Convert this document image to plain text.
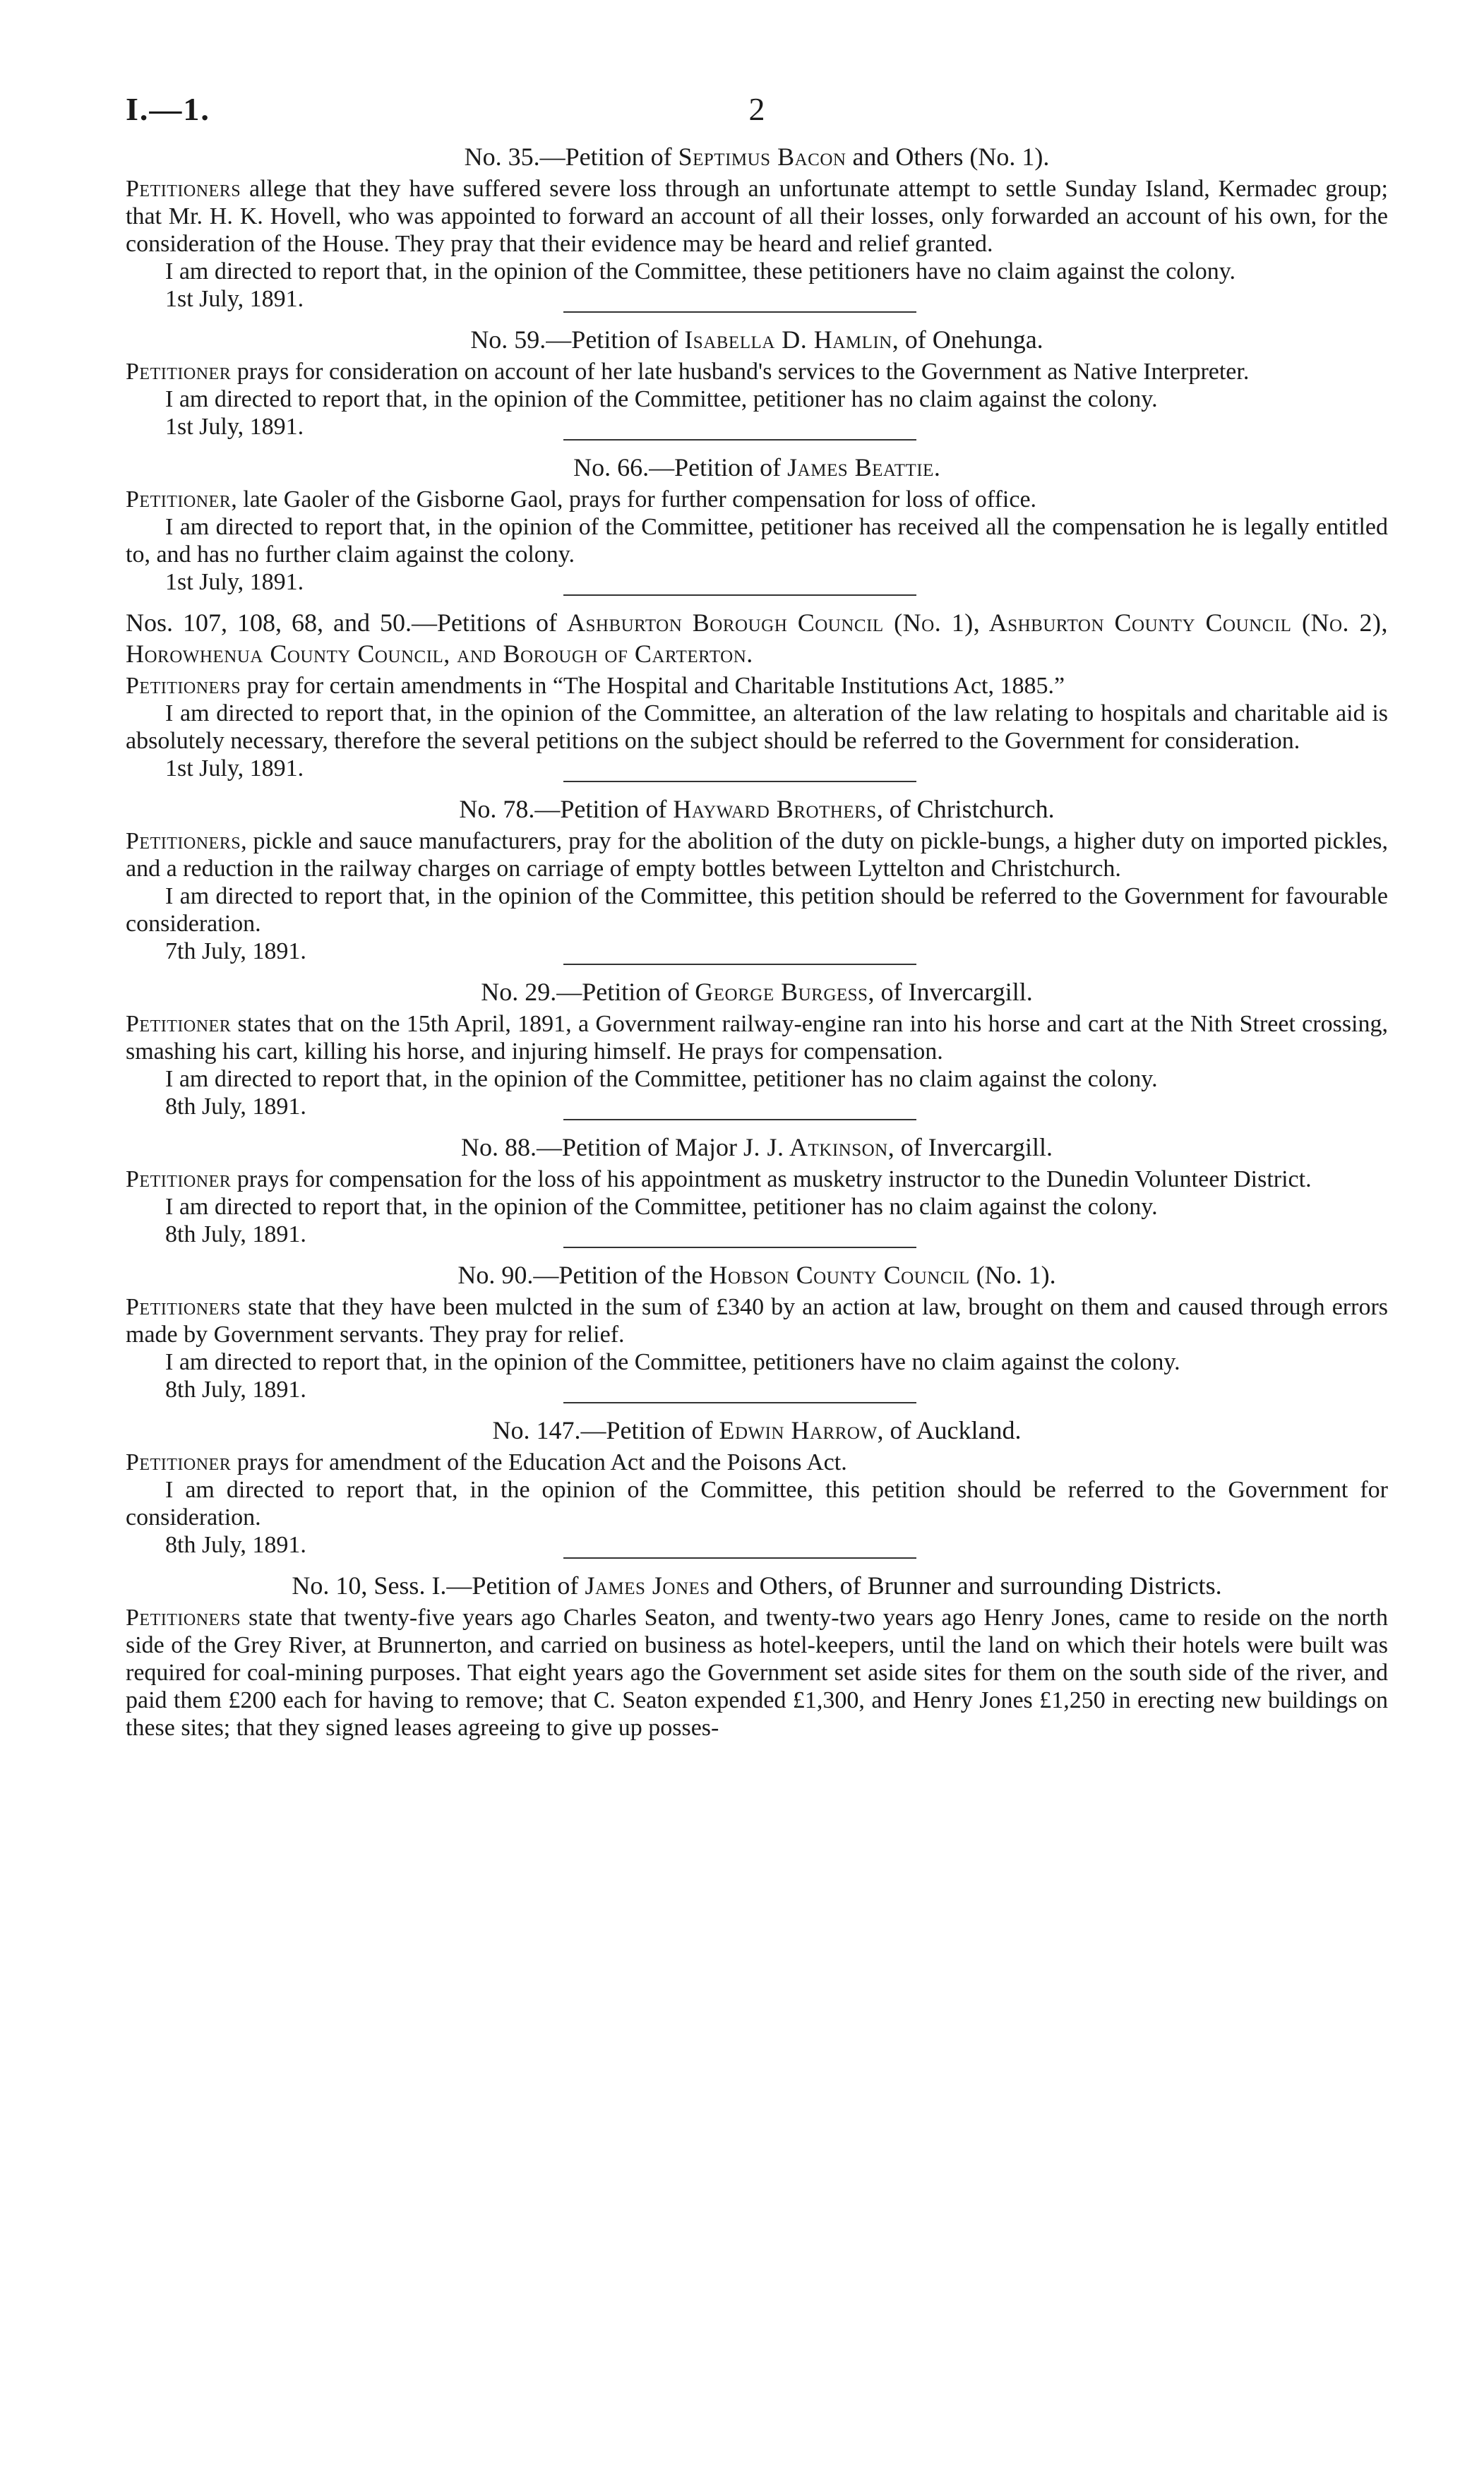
I.—1.	2
No. 35.—Petition of Septimus Bacon and Others (No. 1).

Petitioners allege that they have suffered severe loss through an unfortunate attempt to settle Sunday Island, Kermadec group; that Mr. H. K. Hovell, who was appointed to forward an account of all their losses, only forwarded an account of his own, for the consideration of the House. They pray that their evidence may be heard and relief granted.

I am directed to report that, in the opinion of the Committee, these petitioners have no claim against the colony.

1st July, 1891.

No. 59.—Petition of Isabella D. Hamlin, of Onehunga.

Petitioner prays for consideration on account of her late husband's services to the Government as Native Interpreter.

I am directed to report that, in the opinion of the Committee, petitioner has no claim against the colony.

1st July, 1891.

No. 66.—Petition of James Beattie.

Petitioner, late Gaoler of the Gisborne Gaol, prays for further compensation for loss of office.

I am directed to report that, in the opinion of the Committee, petitioner has received all the compensation he is legally entitled to, and has no further claim against the colony.

1st July, 1891.

Nos. 107, 108, 68, and 50.—Petitions of Ashburton Borough Council (No. 1), Ashburton County Council (No. 2), Horowhenua County Council, and Borough of Carterton.

Petitioners pray for certain amendments in “The Hospital and Charitable Institutions Act, 1885.”

I am directed to report that, in the opinion of the Committee, an alteration of the law relating to hospitals and charitable aid is absolutely necessary, therefore the several petitions on the subject should be referred to the Government for consideration.

1st July, 1891.

No. 78.—Petition of Hayward Brothers, of Christchurch.

Petitioners, pickle and sauce manufacturers, pray for the abolition of the duty on pickle-bungs, a higher duty on imported pickles, and a reduction in the railway charges on carriage of empty bottles between Lyttelton and Christchurch.

I am directed to report that, in the opinion of the Committee, this petition should be referred to the Government for favourable consideration.

7th July, 1891.

No. 29.—Petition of George Burgess, of Invercargill.

Petitioner states that on the 15th April, 1891, a Government railway-engine ran into his horse and cart at the Nith Street crossing, smashing his cart, killing his horse, and injuring himself. He prays for compensation.

I am directed to report that, in the opinion of the Committee, petitioner has no claim against the colony.

8th July, 1891.

No. 88.—Petition of Major J. J. Atkinson, of Invercargill.

Petitioner prays for compensation for the loss of his appointment as musketry instructor to the Dunedin Volunteer District.

I am directed to report that, in the opinion of the Committee, petitioner has no claim against the colony.

8th July, 1891.

No. 90.—Petition of the Hobson County Council (No. 1).

Petitioners state that they have been mulcted in the sum of £340 by an action at law, brought on them and caused through errors made by Government servants. They pray for relief.

I am directed to report that, in the opinion of the Committee, petitioners have no claim against the colony.

8th July, 1891.

No. 147.—Petition of Edwin Harrow, of Auckland.

Petitioner prays for amendment of the Education Act and the Poisons Act.

I am directed to report that, in the opinion of the Committee, this petition should be referred to the Government for consideration.

8th July, 1891.

No. 10, Sess. I.—Petition of James Jones and Others, of Brunner and surrounding Districts.

Petitioners state that twenty-five years ago Charles Seaton, and twenty-two years ago Henry Jones, came to reside on the north side of the Grey River, at Brunnerton, and carried on business as hotel-keepers, until the land on which their hotels were built was required for coal-mining purposes. That eight years ago the Government set aside sites for them on the south side of the river, and paid them £200 each for having to remove; that C. Seaton expended £1,300, and Henry Jones £1,250 in erecting new buildings on these sites; that they signed leases agreeing to give up posses-
